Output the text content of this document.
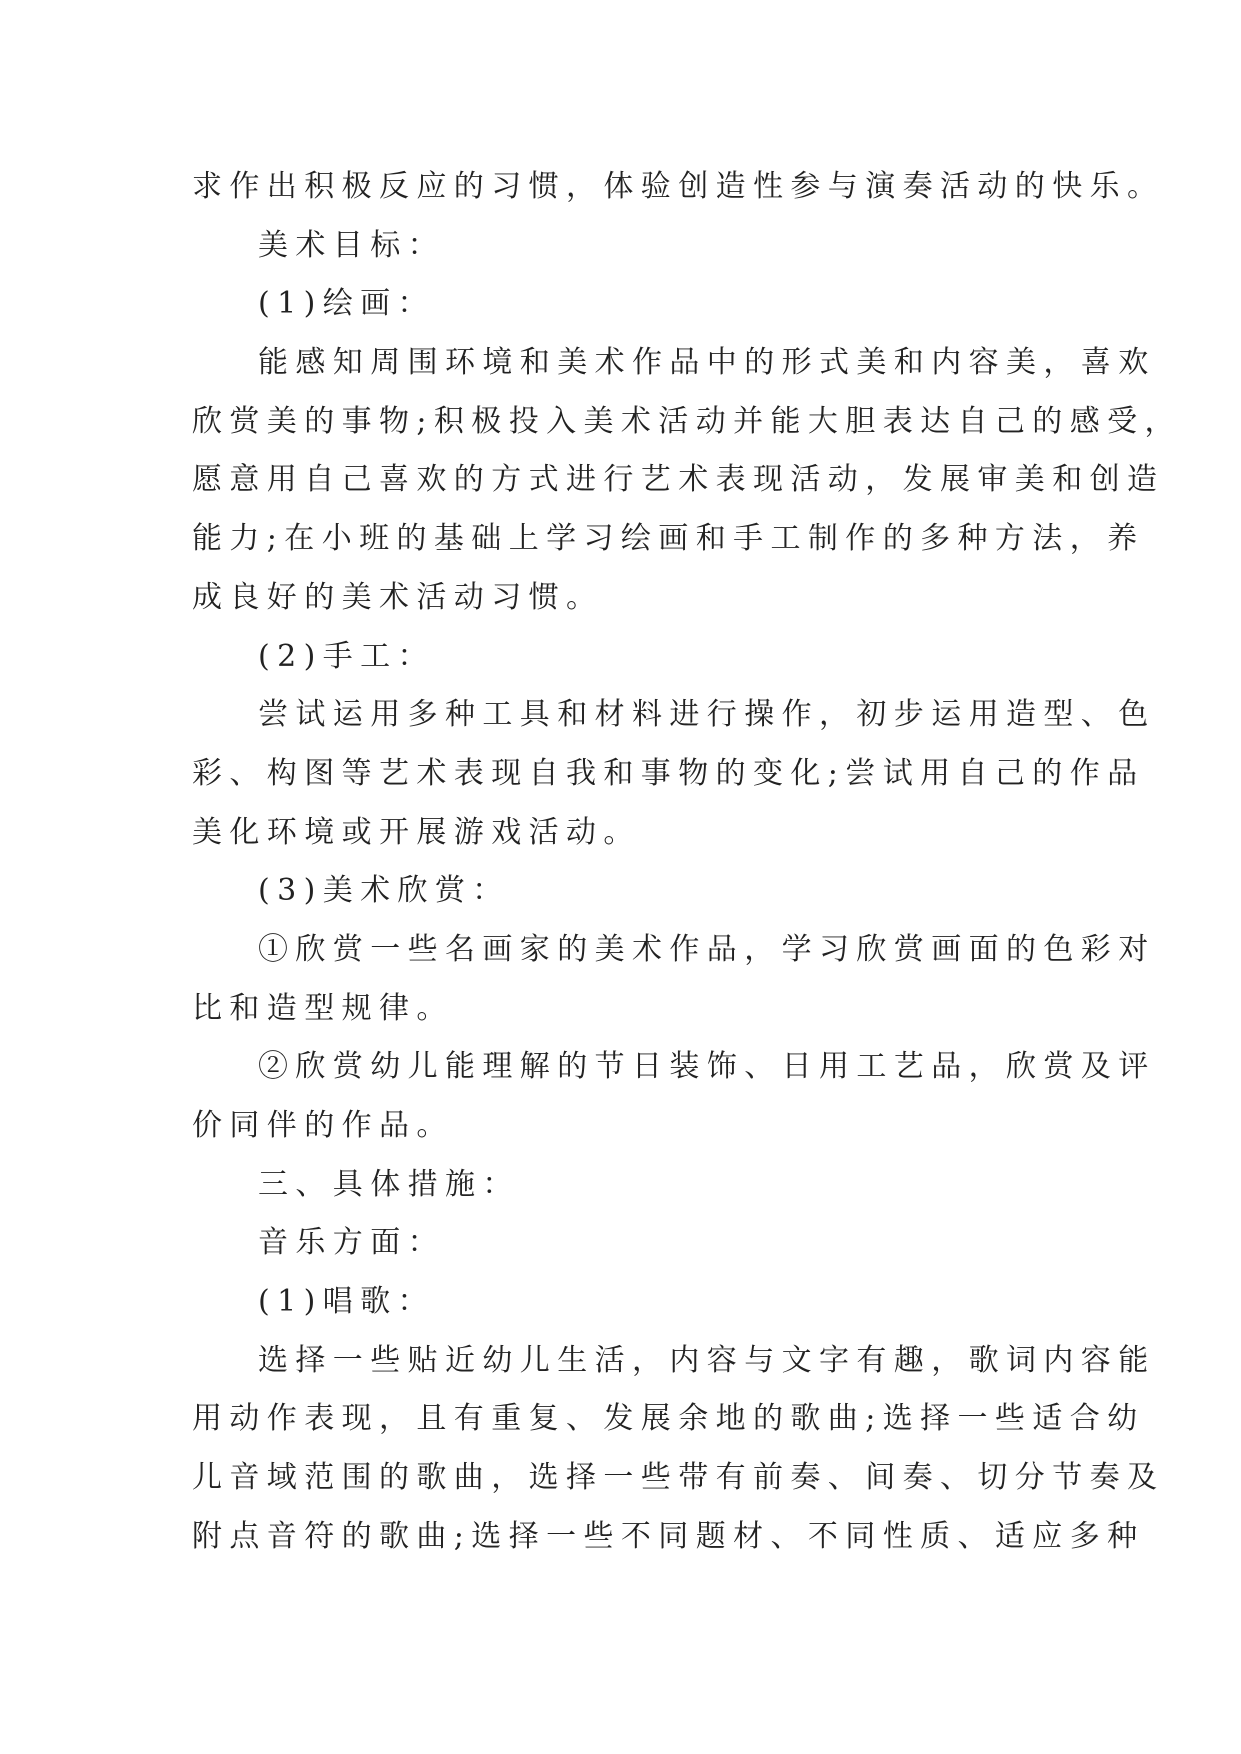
求作出积极反应的习惯，体验创造性参与演奏活动的快乐。
美术目标：
(1)绘画：
能感知周围环境和美术作品中的形式美和内容美，喜欢
欣赏美的事物;积极投入美术活动并能大胆表达自己的感受，
愿意用自己喜欢的方式进行艺术表现活动，发展审美和创造
能力;在小班的基础上学习绘画和手工制作的多种方法，养
成良好的美术活动习惯。
(2)手工：
尝试运用多种工具和材料进行操作，初步运用造型、色
彩、构图等艺术表现自我和事物的变化;尝试用自己的作品
美化环境或开展游戏活动。
(3)美术欣赏：
①欣赏一些名画家的美术作品，学习欣赏画面的色彩对
比和造型规律。
②欣赏幼儿能理解的节日装饰、日用工艺品，欣赏及评
价同伴的作品。
三、具体措施：
音乐方面：
(1)唱歌：
选择一些贴近幼儿生活，内容与文字有趣，歌词内容能
用动作表现，且有重复、发展余地的歌曲;选择一些适合幼
儿音域范围的歌曲，选择一些带有前奏、间奏、切分节奏及
附点音符的歌曲;选择一些不同题材、不同性质、适应多种
